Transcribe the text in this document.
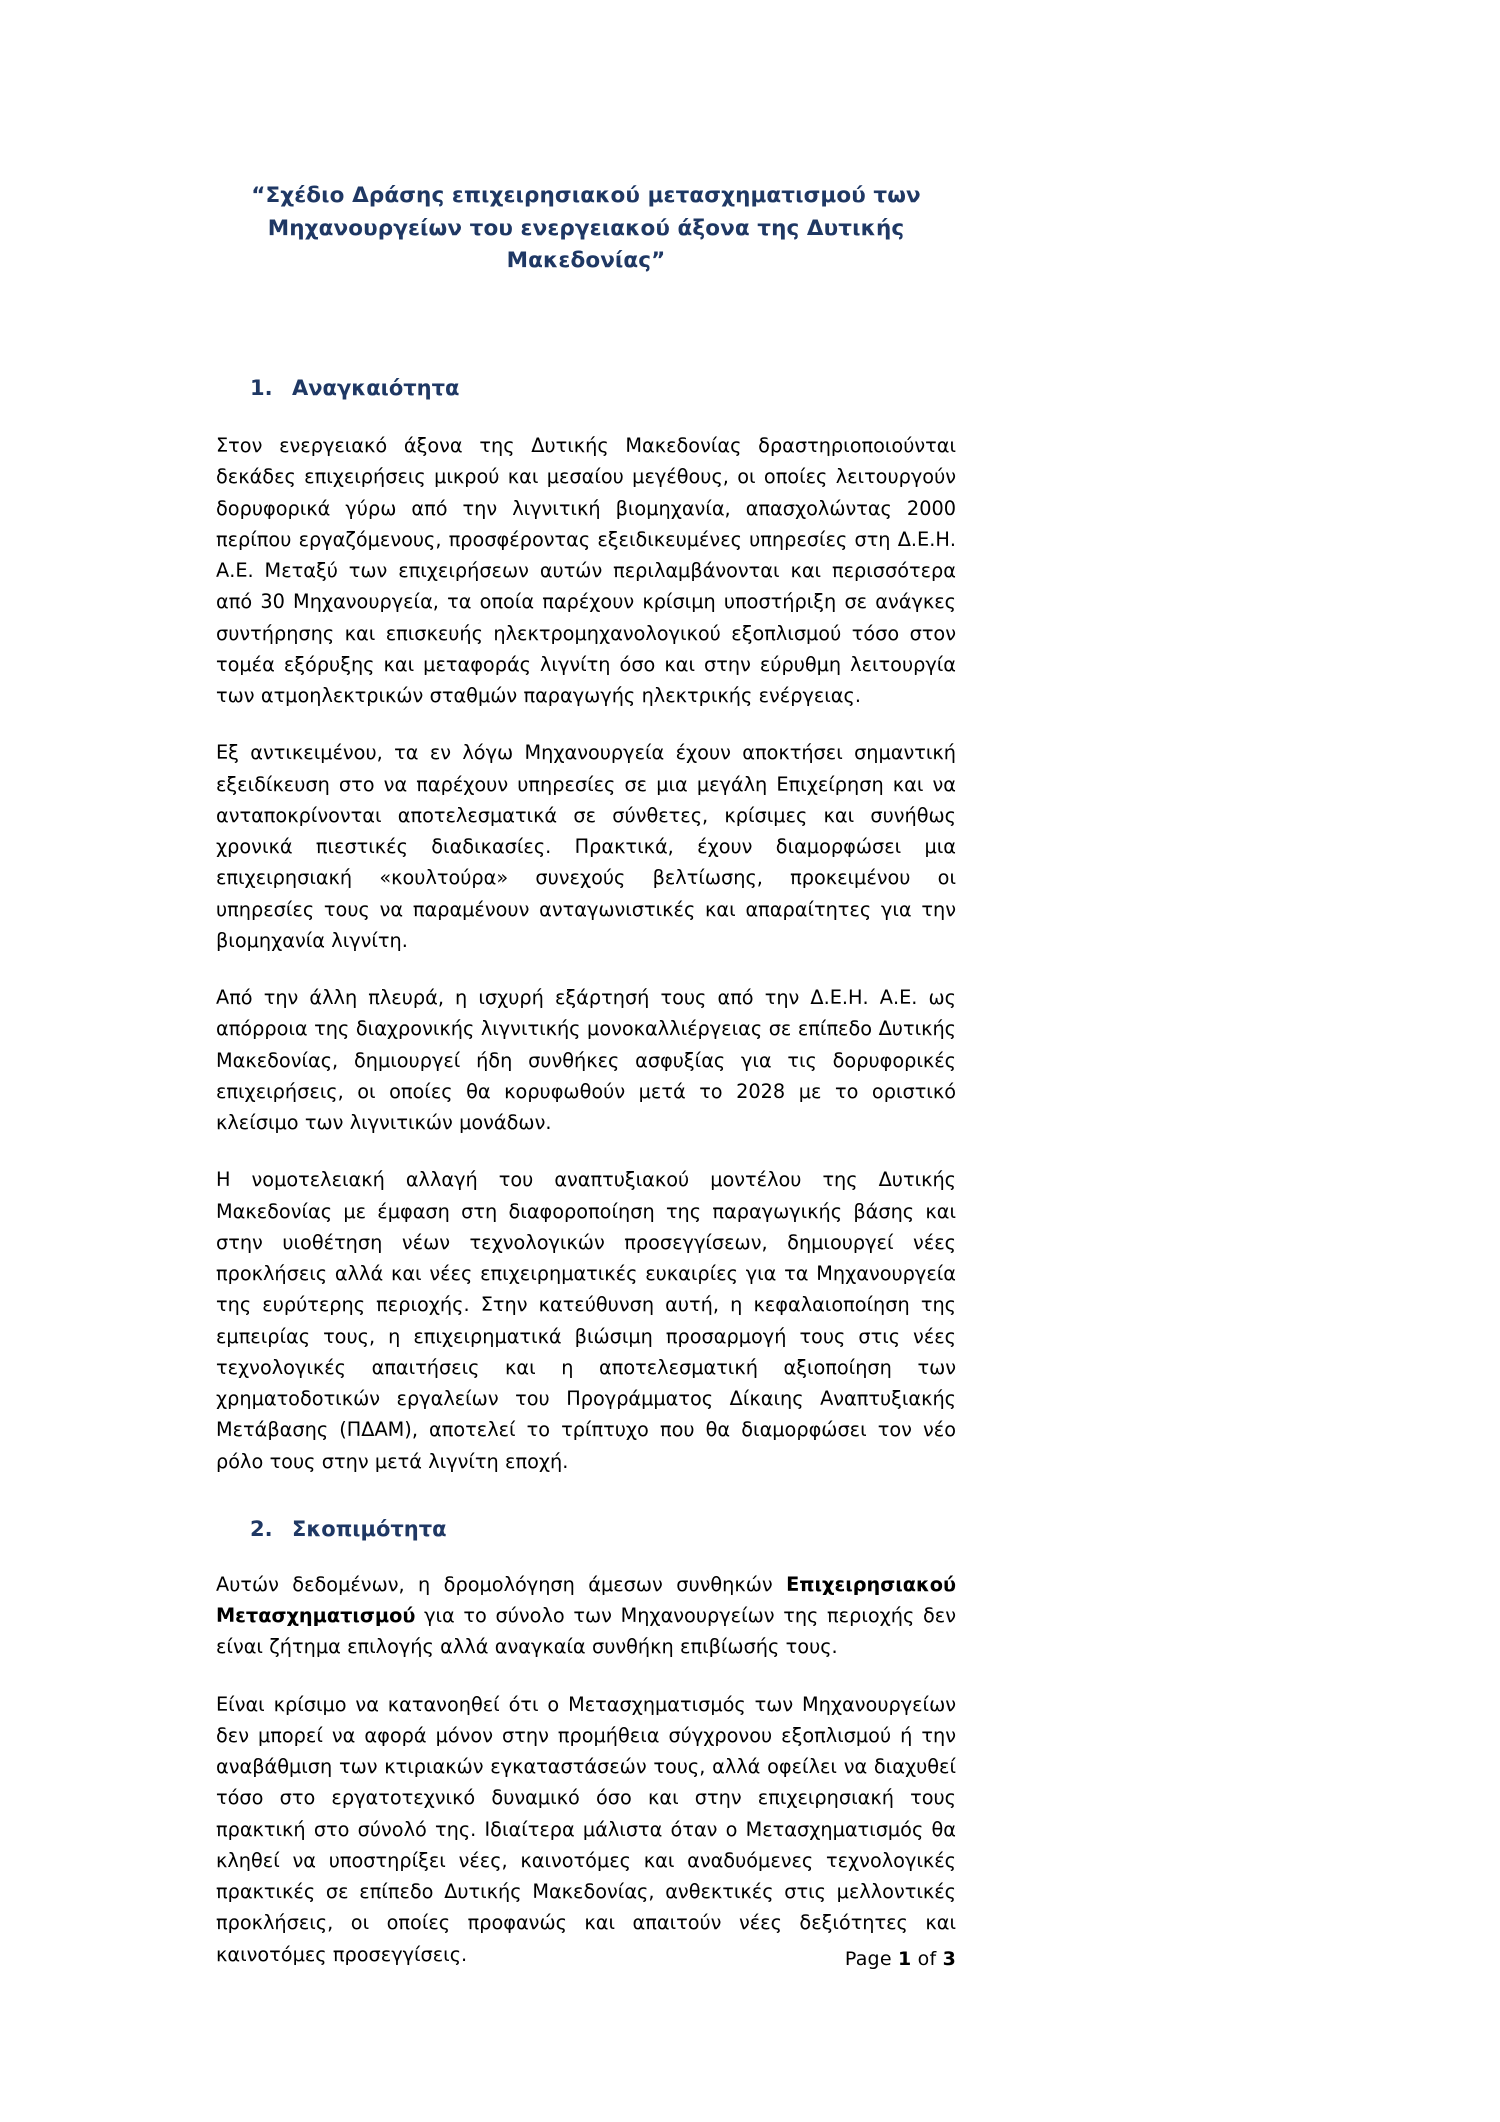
“Σχέδιο Δράσης επιχειρησιακού μετασχηματισμού των Μηχανουργείων του ενεργειακού άξονα της Δυτικής Μακεδονίας”
1. Αναγκαιότητα

Στον ενεργειακό άξονα της Δυτικής Μακεδονίας δραστηριοποιούνται δεκάδες επιχειρήσεις μικρού και μεσαίου μεγέθους, οι οποίες λειτουργούν δορυφορικά γύρω από την λιγνιτική βιομηχανία, απασχολώντας 2000 περίπου εργαζόμενους, προσφέροντας εξειδικευμένες υπηρεσίες στη Δ.Ε.Η. Α.Ε. Μεταξύ των επιχειρήσεων αυτών περιλαμβάνονται και περισσότερα από 30 Μηχανουργεία, τα οποία παρέχουν κρίσιμη υποστήριξη σε ανάγκες συντήρησης και επισκευής ηλεκτρομηχανολογικού εξοπλισμού τόσο στον τομέα εξόρυξης και μεταφοράς λιγνίτη όσο και στην εύρυθμη λειτουργία των ατμοηλεκτρικών σταθμών παραγωγής ηλεκτρικής ενέργειας.

Εξ αντικειμένου, τα εν λόγω Μηχανουργεία έχουν αποκτήσει σημαντική εξειδίκευση στο να παρέχουν υπηρεσίες σε μια μεγάλη Επιχείρηση και να ανταποκρίνονται αποτελεσματικά σε σύνθετες, κρίσιμες και συνήθως χρονικά πιεστικές διαδικασίες. Πρακτικά, έχουν διαμορφώσει μια επιχειρησιακή «κουλτούρα» συνεχούς βελτίωσης, προκειμένου οι υπηρεσίες τους να παραμένουν ανταγωνιστικές και απαραίτητες για την βιομηχανία λιγνίτη.

Από την άλλη πλευρά, η ισχυρή εξάρτησή τους από την Δ.Ε.Η. Α.Ε. ως απόρροια της διαχρονικής λιγνιτικής μονοκαλλιέργειας σε επίπεδο Δυτικής Μακεδονίας, δημιουργεί ήδη συνθήκες ασφυξίας για τις δορυφορικές επιχειρήσεις, οι οποίες θα κορυφωθούν μετά το 2028 με το οριστικό κλείσιμο των λιγνιτικών μονάδων.

Η νομοτελειακή αλλαγή του αναπτυξιακού μοντέλου της Δυτικής Μακεδονίας με έμφαση στη διαφοροποίηση της παραγωγικής βάσης και στην υιοθέτηση νέων τεχνολογικών προσεγγίσεων, δημιουργεί νέες προκλήσεις αλλά και νέες επιχειρηματικές ευκαιρίες για τα Μηχανουργεία της ευρύτερης περιοχής. Στην κατεύθυνση αυτή, η κεφαλαιοποίηση της εμπειρίας τους, η επιχειρηματικά βιώσιμη προσαρμογή τους στις νέες τεχνολογικές απαιτήσεις και η αποτελεσματική αξιοποίηση των χρηματοδοτικών εργαλείων του Προγράμματος Δίκαιης Αναπτυξιακής Μετάβασης (ΠΔΑΜ), αποτελεί το τρίπτυχο που θα διαμορφώσει τον νέο ρόλο τους στην μετά λιγνίτη εποχή.

2. Σκοπιμότητα

Αυτών δεδομένων, η δρομολόγηση άμεσων συνθηκών Επιχειρησιακού Μετασχηματισμού για το σύνολο των Μηχανουργείων της περιοχής δεν είναι ζήτημα επιλογής αλλά αναγκαία συνθήκη επιβίωσής τους.

Είναι κρίσιμο να κατανοηθεί ότι ο Μετασχηματισμός των Μηχανουργείων δεν μπορεί να αφορά μόνον στην προμήθεια σύγχρονου εξοπλισμού ή την αναβάθμιση των κτιριακών εγκαταστάσεών τους, αλλά οφείλει να διαχυθεί τόσο στο εργατοτεχνικό δυναμικό όσο και στην επιχειρησιακή τους πρακτική στο σύνολό της. Ιδιαίτερα μάλιστα όταν ο Μετασχηματισμός θα κληθεί να υποστηρίξει νέες, καινοτόμες και αναδυόμενες τεχνολογικές πρακτικές σε επίπεδο Δυτικής Μακεδονίας, ανθεκτικές στις μελλοντικές προκλήσεις, οι οποίες προφανώς και απαιτούν νέες δεξιότητες και καινοτόμες προσεγγίσεις.	Page 1 of 3
